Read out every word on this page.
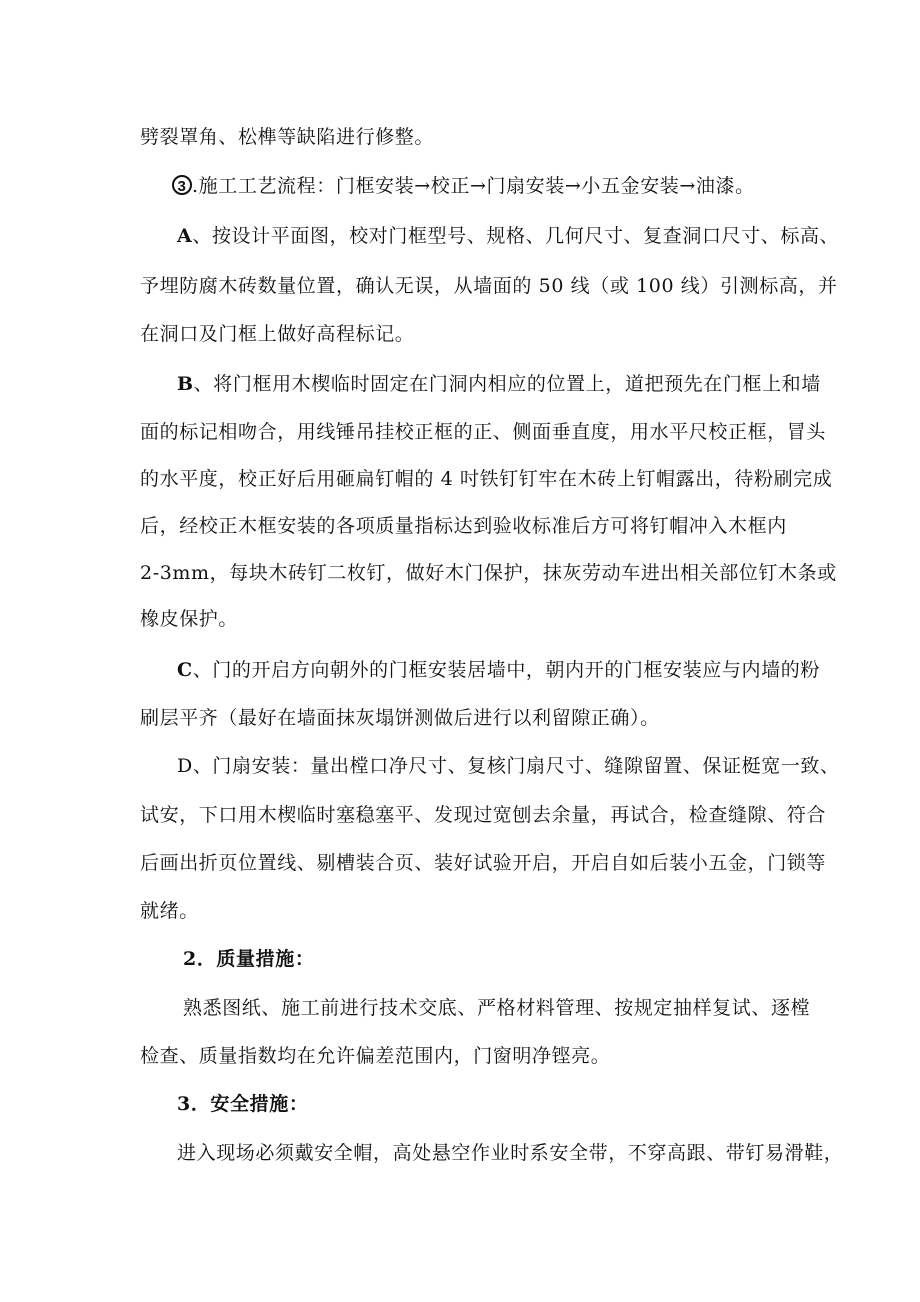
劈裂罩角、松榫等缺陷进行修整。
3 .施工工艺流程：门框安装→校正→门扇安装→小五金安装→油漆。
A、按设计平面图，校对门框型号、规格、几何尺寸、复查洞口尺寸、标高、
予埋防腐木砖数量位置，确认无误，从墙面的 50 线（或 100 线）引测标高，并
在洞口及门框上做好高程标记。
B、将门框用木楔临时固定在门洞内相应的位置上，道把预先在门框上和墙
面的标记相吻合，用线锤吊挂校正框的正、侧面垂直度，用水平尺校正框，冒头
的水平度，校正好后用砸扁钉帽的 4 吋铁钉钉牢在木砖上钉帽露出，待粉刷完成
后，经校正木框安装的各项质量指标达到验收标准后方可将钉帽冲入木框内
2-3mm，每块木砖钉二枚钉，做好木门保护，抹灰劳动车进出相关部位钉木条或
橡皮保护。
C、门的开启方向朝外的门框安装居墙中，朝内开的门框安装应与内墙的粉
刷层平齐（最好在墙面抹灰塌饼测做后进行以利留隙正确）。
D、门扇安装：量出樘口净尺寸、复核门扇尺寸、缝隙留置、保证梃宽一致、
试安，下口用木楔临时塞稳塞平、发现过宽刨去余量，再试合，检查缝隙、符合
后画出折页位置线、剔槽装合页、装好试验开启，开启自如后装小五金，门锁等
就绪。
2．质量措施：
熟悉图纸、施工前进行技术交底、严格材料管理、按规定抽样复试、逐樘
检查、质量指数均在允许偏差范围内，门窗明净铿亮。
3．安全措施：
进入现场必须戴安全帽，高处悬空作业时系安全带，不穿高跟、带钉易滑鞋，
